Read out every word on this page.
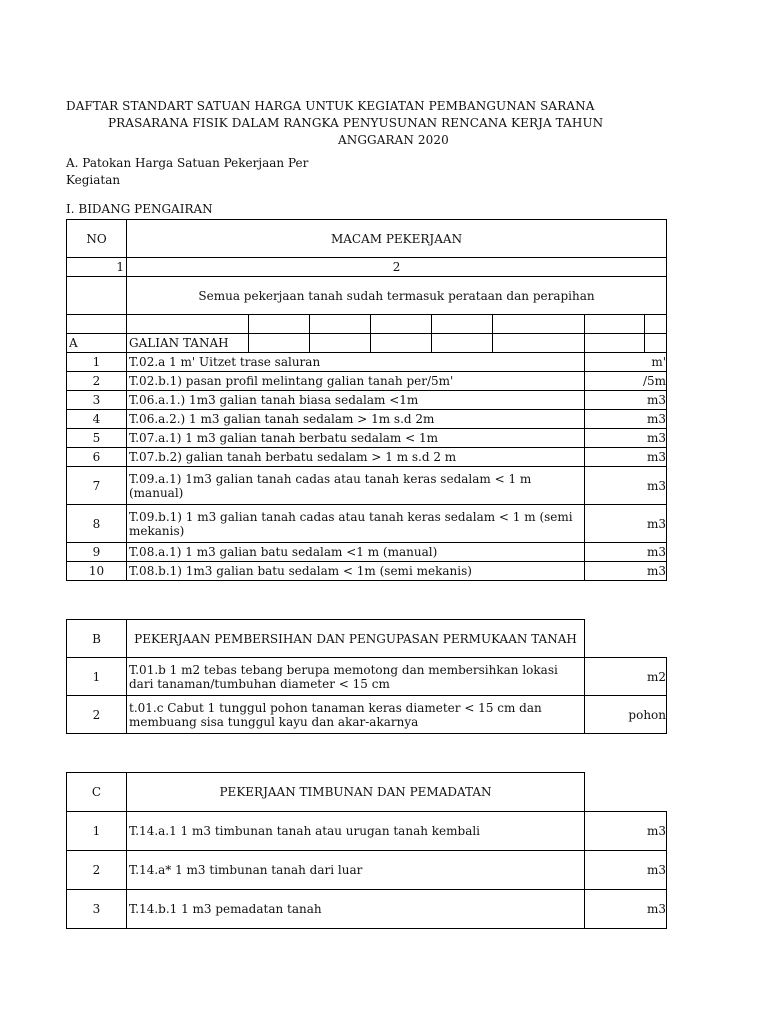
DAFTAR STANDART SATUAN HARGA UNTUK KEGIATAN PEMBANGUNAN SARANA
PRASARANA FISIK DALAM RANGKA PENYUSUNAN RENCANA KERJA TAHUN
ANGGARAN 2020
A. Patokan Harga Satuan Pekerjaan Per
Kegiatan
I. BIDANG PENGAIRAN
NO	MACAM PEKERJAAN							
1	2							
	Semua pekerjaan tanah sudah termasuk perataan dan perapihan							

A	GALIAN TANAH							
1	T.02.a 1 m' Uitzet trase saluran						m'	
2	T.02.b.1) pasan profil melintang galian tanah per/5m'						/5m	
3	T.06.a.1.) 1m3 galian tanah biasa sedalam <1m						m3	
4	T.06.a.2.) 1 m3 galian tanah sedalam > 1m s.d 2m						m3	
5	T.07.a.1) 1 m3 galian tanah berbatu sedalam < 1m						m3	
6	T.07.b.2) galian tanah berbatu sedalam > 1 m s.d 2 m						m3	
7	T.09.a.1) 1m3 galian tanah cadas atau tanah keras sedalam < 1 m (manual)						m3	
8	T.09.b.1) 1 m3 galian tanah cadas atau tanah keras sedalam < 1 m (semi mekanis)						m3	
9	T.08.a.1) 1 m3 galian batu sedalam <1 m (manual)						m3	
10	T.08.b.1) 1m3 galian batu sedalam < 1m (semi mekanis)						m3	
B	PEKERJAAN PEMBERSIHAN DAN PENGUPASAN PERMUKAAN TANAH	
1	T.01.b 1 m2 tebas tebang berupa memotong dan membersihkan lokasi dari tanaman/tumbuhan diameter < 15 cm	m2
2	t.01.c Cabut 1 tunggul pohon tanaman keras diameter < 15 cm dan membuang sisa tunggul kayu dan akar-akarnya	pohon
C	PEKERJAAN TIMBUNAN DAN PEMADATAN	
1	T.14.a.1 1 m3 timbunan tanah atau urugan tanah kembali	m3
2	T.14.a* 1 m3 timbunan tanah dari luar	m3
3	T.14.b.1 1 m3 pemadatan tanah	m3
